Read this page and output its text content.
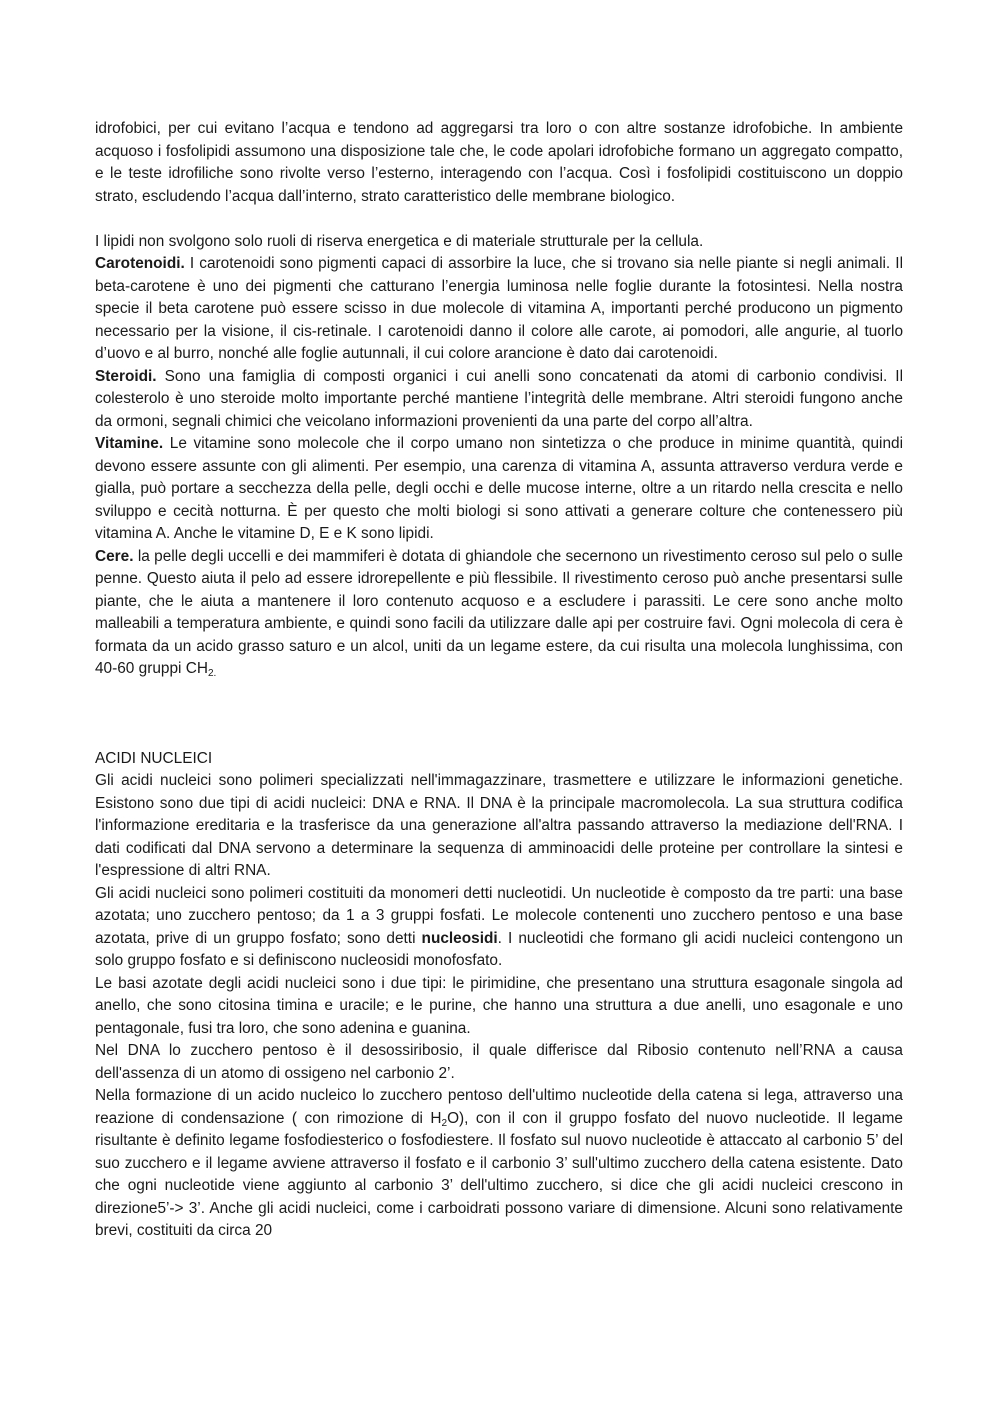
idrofobici, per cui evitano l’acqua e tendono ad aggregarsi tra loro o con altre sostanze idrofobiche. In ambiente acquoso i fosfolipidi assumono una disposizione tale che, le code apolari idrofobiche formano un aggregato compatto, e le teste idrofiliche sono rivolte verso l’esterno, interagendo con l’acqua. Così i fosfolipidi costituiscono un doppio strato, escludendo l’acqua dall’interno, strato caratteristico delle membrane biologico.

I lipidi non svolgono solo ruoli di riserva energetica e di materiale strutturale per la cellula.

Carotenoidi. I carotenoidi sono pigmenti capaci di assorbire la luce, che si trovano sia nelle piante si negli animali. Il beta-carotene è uno dei pigmenti che catturano l’energia luminosa nelle foglie durante la fotosintesi. Nella nostra specie il beta carotene può essere scisso in due molecole di vitamina A, importanti perché producono un pigmento necessario per la visione, il cis-retinale. I carotenoidi danno il colore alle carote, ai pomodori, alle angurie, al tuorlo d’uovo e al burro, nonché alle foglie autunnali, il cui colore arancione è dato dai carotenoidi.

Steroidi. Sono una famiglia di composti organici i cui anelli sono concatenati da atomi di carbonio condivisi. Il colesterolo è uno steroide molto importante perché mantiene l’integrità delle membrane. Altri steroidi fungono anche da ormoni, segnali chimici che veicolano informazioni provenienti da una parte del corpo all’altra.

Vitamine. Le vitamine sono molecole che il corpo umano non sintetizza o che produce in minime quantità, quindi devono essere assunte con gli alimenti. Per esempio, una carenza di vitamina A, assunta attraverso verdura verde e gialla, può portare a secchezza della pelle, degli occhi e delle mucose interne, oltre a un ritardo nella crescita e nello sviluppo e cecità notturna. È per questo che molti biologi si sono attivati a generare colture che contenessero più vitamina A. Anche le vitamine D, E e K sono lipidi.

Cere. la pelle degli uccelli e dei mammiferi è dotata di ghiandole che secernono un rivestimento ceroso sul pelo o sulle penne. Questo aiuta il pelo ad essere idrorepellente e più flessibile. Il rivestimento ceroso può anche presentarsi sulle piante, che le aiuta a mantenere il loro contenuto acquoso e a escludere i parassiti. Le cere sono anche molto malleabili a temperatura ambiente, e quindi sono facili da utilizzare dalle api per costruire favi. Ogni molecola di cera è formata da un acido grasso saturo e un alcol, uniti da un legame estere, da cui risulta una molecola lunghissima, con 40-60 gruppi $CH_{2.}$

ACIDI NUCLEICI

Gli acidi nucleici sono polimeri specializzati nell'immagazzinare, trasmettere e utilizzare le informazioni genetiche. Esistono sono due tipi di acidi nucleici: DNA e RNA. Il DNA è la principale macromolecola. La sua struttura codifica l'informazione ereditaria e la trasferisce da una generazione all'altra passando attraverso la mediazione dell'RNA. I dati codificati dal DNA servono a determinare la sequenza di amminoacidi delle proteine per controllare la sintesi e l'espressione di altri RNA.

Gli acidi nucleici sono polimeri costituiti da monomeri detti nucleotidi. Un nucleotide è composto da tre parti: una base azotata; uno zucchero pentoso; da 1 a 3 gruppi fosfati. Le molecole contenenti uno zucchero pentoso e una base azotata, prive di un gruppo fosfato; sono detti nucleosidi. I nucleotidi che formano gli acidi nucleici contengono un solo gruppo fosfato e si definiscono nucleosidi monofosfato.

Le basi azotate degli acidi nucleici sono i due tipi: le pirimidine, che presentano una struttura esagonale singola ad anello, che sono citosina timina e uracile; e le purine, che hanno una struttura a due anelli, uno esagonale e uno pentagonale, fusi tra loro, che sono adenina e guanina.

Nel DNA lo zucchero pentoso è il desossiribosio, il quale differisce dal Ribosio contenuto nell’RNA a causa dell'assenza di un atomo di ossigeno nel carbonio 2’.

Nella formazione di un acido nucleico lo zucchero pentoso dell'ultimo nucleotide della catena si lega, attraverso una reazione di condensazione ( con rimozione di $H_2O$), con il con il gruppo fosfato del nuovo nucleotide. Il legame risultante è definito legame fosfodiesterico o fosfodiestere. Il fosfato sul nuovo nucleotide è attaccato al carbonio 5’ del suo zucchero e il legame avviene attraverso il fosfato e il carbonio 3’ sull'ultimo zucchero della catena esistente. Dato che ogni nucleotide viene aggiunto al carbonio 3’ dell'ultimo zucchero, si dice che gli acidi nucleici crescono in direzione5’-> 3’. Anche gli acidi nucleici, come i carboidrati possono variare di dimensione. Alcuni sono relativamente brevi, costituiti da circa 20
